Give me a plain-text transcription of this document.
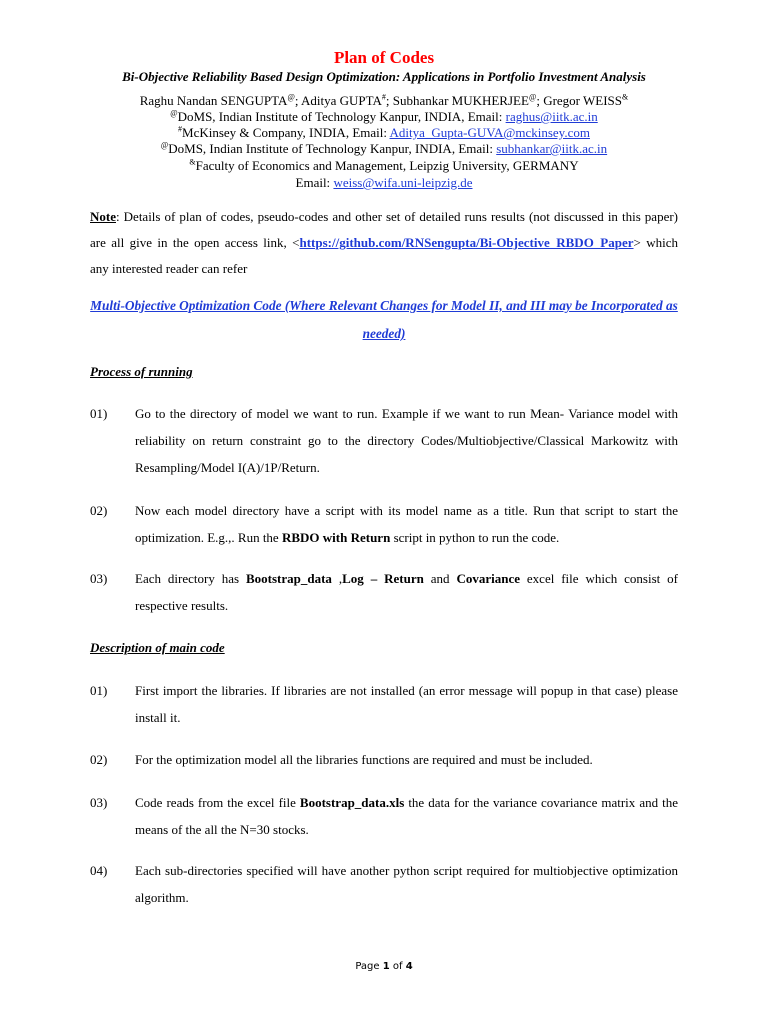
Plan of Codes
Bi-Objective Reliability Based Design Optimization: Applications in Portfolio Investment Analysis
Raghu Nandan SENGUPTA@; Aditya GUPTA#; Subhankar MUKHERJEE@; Gregor WEISS&
@DoMS, Indian Institute of Technology Kanpur, INDIA, Email: raghus@iitk.ac.in
#McKinsey & Company, INDIA, Email: Aditya_Gupta-GUVA@mckinsey.com
@DoMS, Indian Institute of Technology Kanpur, INDIA, Email: subhankar@iitk.ac.in
&Faculty of Economics and Management, Leipzig University, GERMANY
Email: weiss@wifa.uni-leipzig.de
Note: Details of plan of codes, pseudo-codes and other set of detailed runs results (not discussed in this paper) are all give in the open access link, <https://github.com/RNSengupta/Bi-Objective_RBDO_Paper> which any interested reader can refer
Multi-Objective Optimization Code (Where Relevant Changes for Model II, and III may be Incorporated as needed)
Process of running
01)	Go to the directory of model we want to run. Example if we want to run Mean- Variance model with reliability on return constraint go to the directory Codes/Multiobjective/Classical Markowitz with Resampling/Model I(A)/1P/Return.
02)	Now each model directory have a script with its model name as a title. Run that script to start the optimization. E.g.,. Run the RBDO with Return script in python to run the code.
03)	Each directory has Bootstrap_data ,Log – Return and Covariance excel file which consist of respective results.
Description of main code
01)	First import the libraries. If libraries are not installed (an error message will popup in that case) please install it.
02)	For the optimization model all the libraries functions are required and must be included.
03)	Code reads from the excel file Bootstrap_data.xls the data for the variance covariance matrix and the means of the all the N=30 stocks.
04)	Each sub-directories specified will have another python script required for multiobjective optimization algorithm.
Page 1 of 4
